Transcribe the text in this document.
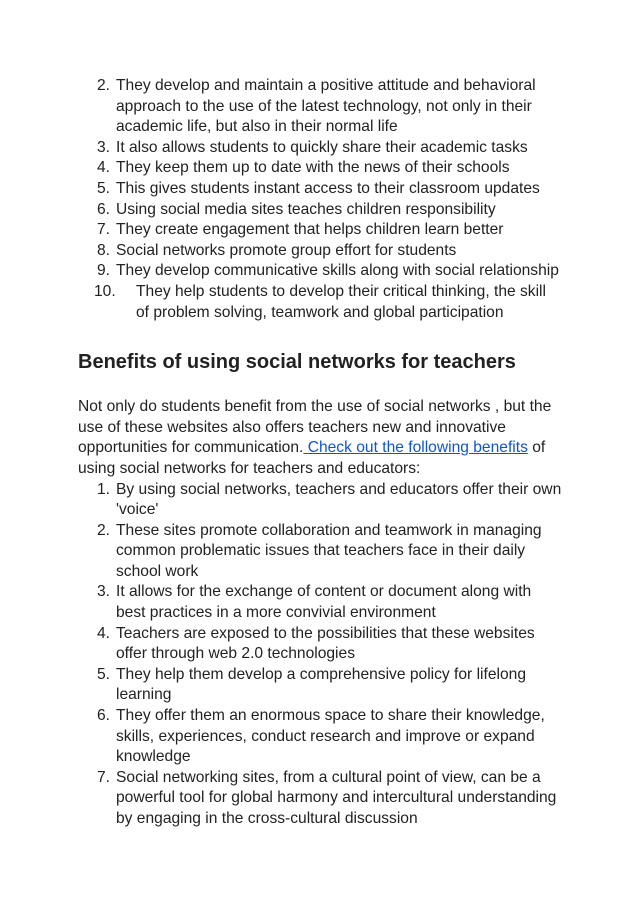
2. They develop and maintain a positive attitude and behavioral approach to the use of the latest technology, not only in their academic life, but also in their normal life
3. It also allows students to quickly share their academic tasks
4. They keep them up to date with the news of their schools
5. This gives students instant access to their classroom updates
6. Using social media sites teaches children responsibility
7. They create engagement that helps children learn better
8. Social networks promote group effort for students
9. They develop communicative skills along with social relationship
10. They help students to develop their critical thinking, the skill of problem solving, teamwork and global participation
Benefits of using social networks for teachers

Not only do students benefit from the use of social networks , but the use of these websites also offers teachers new and innovative opportunities for communication. Check out the following benefits of using social networks for teachers and educators:

1. By using social networks, teachers and educators offer their own 'voice'
2. These sites promote collaboration and teamwork in managing common problematic issues that teachers face in their daily school work
3. It allows for the exchange of content or document along with best practices in a more convivial environment
4. Teachers are exposed to the possibilities that these websites offer through web 2.0 technologies
5. They help them develop a comprehensive policy for lifelong learning
6. They offer them an enormous space to share their knowledge, skills, experiences, conduct research and improve or expand knowledge
7. Social networking sites, from a cultural point of view, can be a powerful tool for global harmony and intercultural understanding by engaging in the cross-cultural discussion
